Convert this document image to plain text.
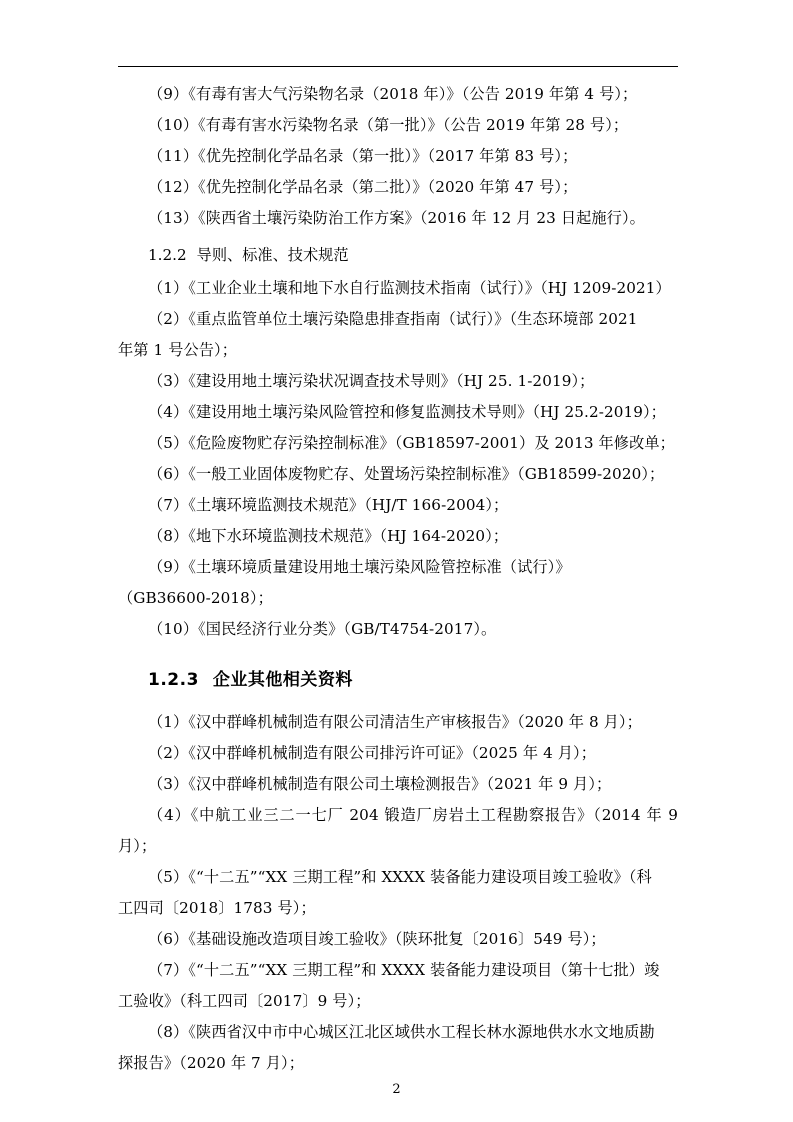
（9）《有毒有害大气污染物名录（2018 年）》（公告 2019 年第 4 号）；

（10）《有毒有害水污染物名录（第一批）》（公告 2019 年第 28 号）；

（11）《优先控制化学品名录（第一批）》（2017 年第 83 号）；

（12）《优先控制化学品名录（第二批）》（2020 年第 47 号）；

（13）《陕西省土壤污染防治工作方案》（2016 年 12 月 23 日起施行）。

1.2.2 导则、标准、技术规范

（1）《工业企业土壤和地下水自行监测技术指南（试行）》（HJ 1209-2021）

（2）《重点监管单位土壤污染隐患排查指南（试行）》（生态环境部 2021

年第 1 号公告）；

（3）《建设用地土壤污染状况调查技术导则》（HJ 25. 1-2019）；

（4）《建设用地土壤污染风险管控和修复监测技术导则》（HJ 25.2-2019）；

（5）《危险废物贮存污染控制标准》（GB18597-2001）及 2013 年修改单；

（6）《一般工业固体废物贮存、处置场污染控制标准》（GB18599-2020）；

（7）《土壤环境监测技术规范》（HJ/T 166-2004）；

（8）《地下水环境监测技术规范》（HJ 164-2020）；

（9）《土壤环境质量建设用地土壤污染风险管控标准（试行）》

（GB36600-2018）；

（10）《国民经济行业分类》（GB/T4754-2017）。

1.2.3 企业其他相关资料

（1）《汉中群峰机械制造有限公司清洁生产审核报告》（2020 年 8 月）；

（2）《汉中群峰机械制造有限公司排污许可证》（2025 年 4 月）；

（3）《汉中群峰机械制造有限公司土壤检测报告》（2021 年 9 月）；

（4）《中航工业三二一七厂 204 锻造厂房岩土工程勘察报告》（2014 年 9 月）；

（5）《“十二五”“XX 三期工程”和 XXXX 装备能力建设项目竣工验收》（科

工四司〔2018〕1783 号）；

（6）《基础设施改造项目竣工验收》（陕环批复〔2016〕549 号）；

（7）《“十二五”“XX 三期工程”和 XXXX 装备能力建设项目（第十七批）竣

工验收》（科工四司〔2017〕9 号）；

（8）《陕西省汉中市中心城区江北区域供水工程长林水源地供水水文地质勘

探报告》（2020 年 7 月）；

2
